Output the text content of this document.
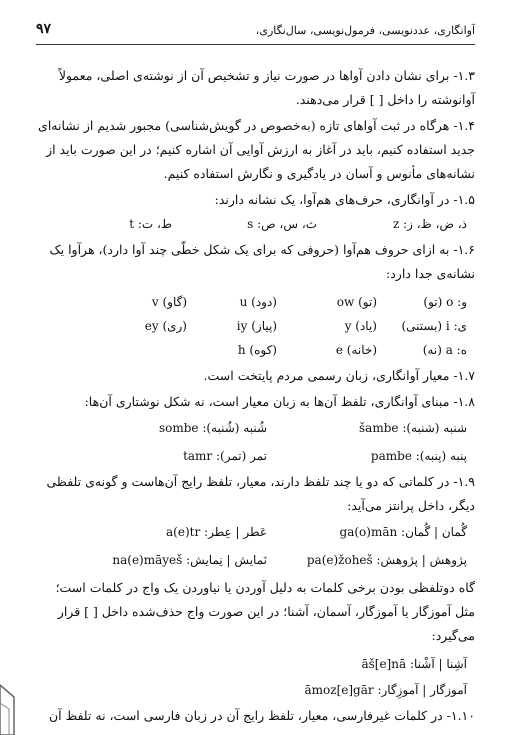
۹۷	آوانگاری، عددنویسی، فرمول‌نویسی، سال‌نگاری،
۱.۳- برای نشان دادن آواها در صورت نیاز و تشخیص آن از نوشته‌ی اصلی، معمولاً
آوانوشته را داخل [ ] قرار می‌دهند.
۱.۴- هرگاه در ثبت آواهای تازه (به‌خصوص در گویش‌شناسی) مجبور شدیم از نشانه‌ای
جدید استفاده کنیم، باید در آغاز به ارزش آوایی آن اشاره کنیم؛ در این صورت باید از
نشانه‌های مأنوس و آسان در یادگیری و نگارش استفاده کنیم.
۱.۵- در آوانگاری، حرف‌های هم‌آوا، یک نشانه دارند:
ذ، ض، ظ، ز: z
ث، س، ص: s
ط، ت: t
۱.۶- به ازای حروف هم‌آوا (حروفی که برای یک شکل خطّی چند آوا دارد)، هرآوا یک
نشانه‌ی جدا دارد:
و: o (تو)
(تو) ow
(دود) u
(گاو) v
ی: i (بستنی)
(یاد) y
(پیاز) iy
(ری) ey
ه: a (نه)
(خانه) e
(کوه) h
۱.۷- معیار آوانگاری، زبان رسمی مردم پایتخت است.
۱.۸- مبنای آوانگاری، تلفظ آن‌ها به زبان معیار است، نه شکل نوشتاری آن‌ها:
شنبه (شنبه): šambe
شُنبه (شُنبه): sombe
پنبه (پنبه): pambe
تمر (تمر): tamr
۱.۹- در کلماتی که دو یا چند تلفظ دارند، معیار، تلفظ رایج آن‌هاست و گونه‌ی تلفظی
دیگر، داخل پرانتز می‌آید:
گُمان | گُمان: ga(o)mān
عَطر | عِطر: a(e)tr
پژوهش | پژوهش: pa(e)žoheš
نَمایش | نِمایش: na(e)māyeš
گاه دوتلفظی بودن برخی کلمات به دلیل آوردن یا نیاوردن یک واج در کلمات است؛
مثل آموزگار یا آموزگار، آسمان، آشنا؛ در این صورت واج حذف‌شده داخل [ ] قرار
می‌گیرد:
آشِنا | آشْنا: āš[e]nā
آموزگار | آموزِگار: āmoz[e]gār
۱.۱۰- در کلمات غیرفارسی، معیار، تلفظ رایج آن در زبان فارسی است، نه تلفظ آن
